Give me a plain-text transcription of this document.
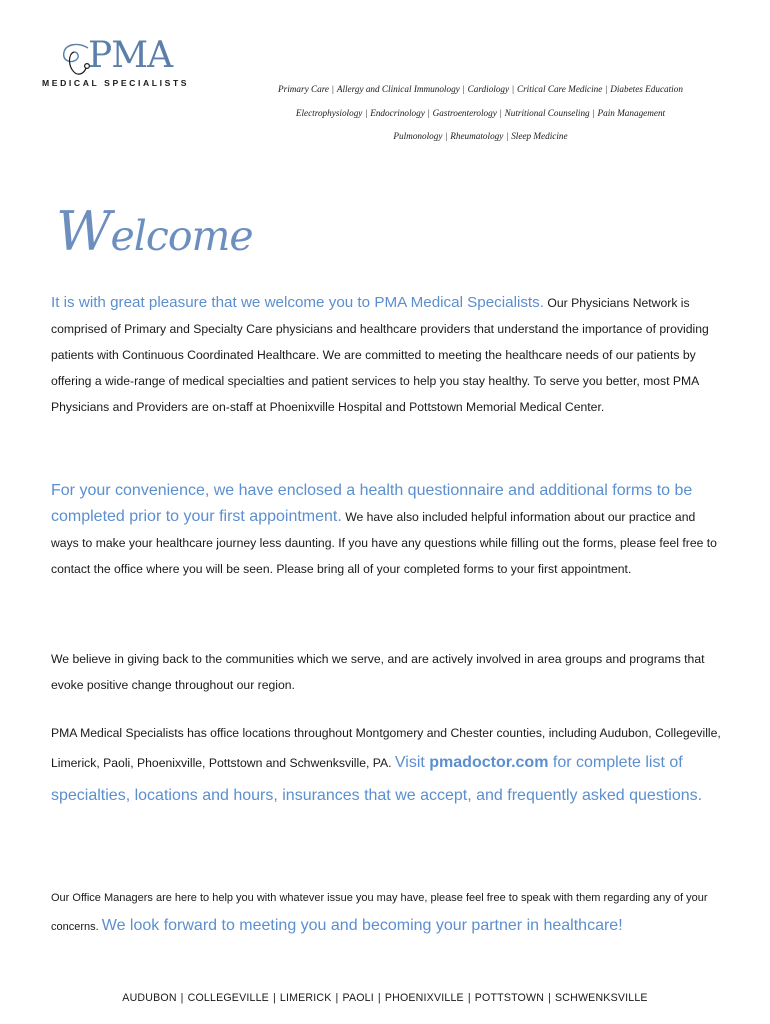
PMA
MEDICAL SPECIALISTS
Primary Care | Allergy and Clinical Immunology | Cardiology | Critical Care Medicine | Diabetes Education
Electrophysiology | Endocrinology | Gastroenterology | Nutritional Counseling | Pain Management
Pulmonology | Rheumatology | Sleep Medicine
Welcome
It is with great pleasure that we welcome you to PMA Medical Specialists. Our Physicians Network is comprised of Primary and Specialty Care physicians and healthcare providers that understand the importance of providing patients with Continuous Coordinated Healthcare. We are committed to meeting the healthcare needs of our patients by offering a wide-range of medical specialties and patient services to help you stay healthy. To serve you better, most PMA Physicians and Providers are on-staff at Phoenixville Hospital and Pottstown Memorial Medical Center.
For your convenience, we have enclosed a health questionnaire and additional forms to be completed prior to your first appointment. We have also included helpful information about our practice and ways to make your healthcare journey less daunting. If you have any questions while filling out the forms, please feel free to contact the office where you will be seen. Please bring all of your completed forms to your first appointment.
We believe in giving back to the communities which we serve, and are actively involved in area groups and programs that evoke positive change throughout our region.
PMA Medical Specialists has office locations throughout Montgomery and Chester counties, including Audubon, Collegeville, Limerick, Paoli, Phoenixville, Pottstown and Schwenksville, PA. Visit pmadoctor.com for complete list of specialties, locations and hours, insurances that we accept, and frequently asked questions.
Our Office Managers are here to help you with whatever issue you may have, please feel free to speak with them regarding any of your concerns. We look forward to meeting you and becoming your partner in healthcare!
AUDUBON | COLLEGEVILLE | LIMERICK | PAOLI | PHOENIXVILLE | POTTSTOWN | SCHWENKSVILLE
